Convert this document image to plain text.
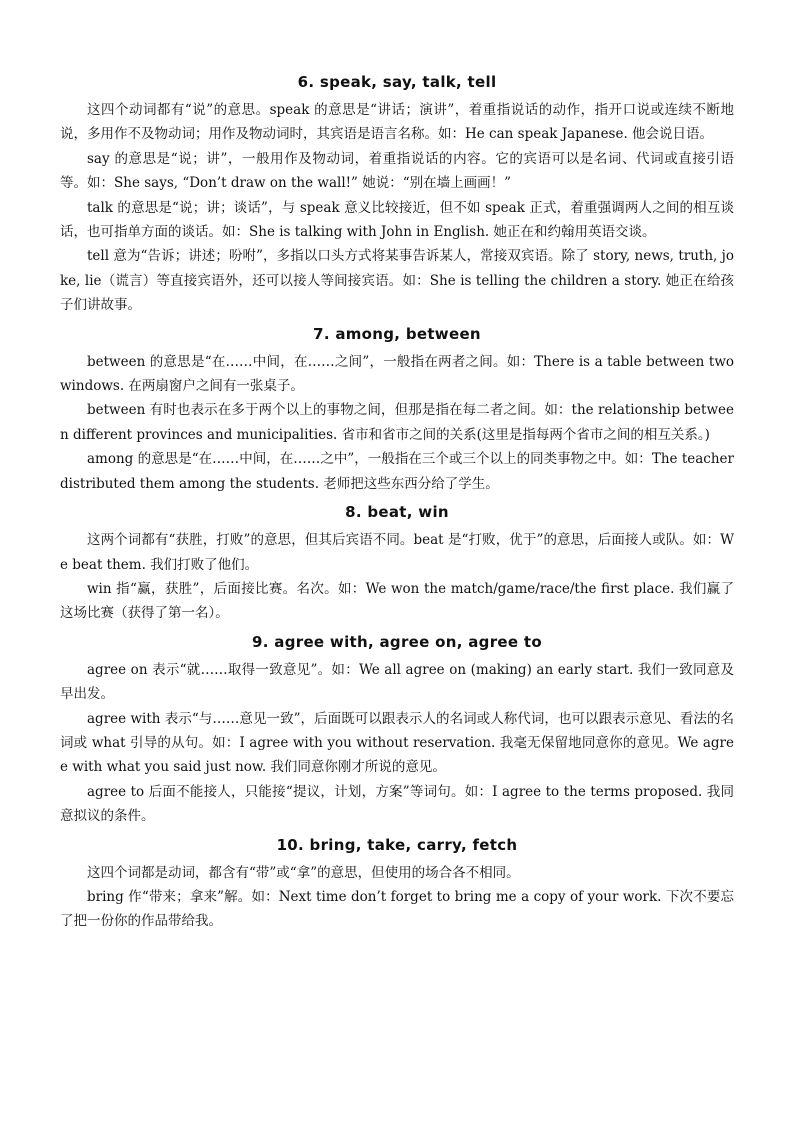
6. speak, say, talk, tell

这四个动词都有“说”的意思。speak 的意思是“讲话；演讲”，着重指说话的动作，指开口说或连续不断地说，多用作不及物动词；用作及物动词时，其宾语是语言名称。如：He can speak Japanese. 他会说日语。

say 的意思是“说；讲”，一般用作及物动词，着重指说话的内容。它的宾语可以是名词、代词或直接引语等。如：She says, “Don’t draw on the wall!” 她说：“别在墙上画画！”

talk 的意思是“说；讲；谈话”，与 speak 意义比较接近，但不如 speak 正式，着重强调两人之间的相互谈话，也可指单方面的谈话。如：She is talking with John in English. 她正在和约翰用英语交谈。

tell 意为“告诉；讲述；吩咐”，多指以口头方式将某事告诉某人，常接双宾语。除了 story, news, truth, joke, lie（谎言）等直接宾语外，还可以接人等间接宾语。如：She is telling the children a story. 她正在给孩子们讲故事。

7. among, between

between 的意思是“在……中间，在……之间”，一般指在两者之间。如：There is a table between two windows. 在两扇窗户之间有一张桌子。

between 有时也表示在多于两个以上的事物之间，但那是指在每二者之间。如：the relationship between different provinces and municipalities. 省市和省市之间的关系(这里是指每两个省市之间的相互关系。)

among 的意思是“在……中间，在……之中”，一般指在三个或三个以上的同类事物之中。如：The teacher distributed them among the students. 老师把这些东西分给了学生。

8. beat, win

这两个词都有“获胜，打败”的意思，但其后宾语不同。beat 是“打败，优于”的意思，后面接人或队。如：We beat them. 我们打败了他们。

win 指“赢，获胜”，后面接比赛。名次。如：We won the match/game/race/the first place. 我们赢了这场比赛（获得了第一名）。

9. agree with, agree on, agree to

agree on 表示“就……取得一致意见”。如：We all agree on (making) an early start. 我们一致同意及早出发。

agree with 表示“与……意见一致”，后面既可以跟表示人的名词或人称代词，也可以跟表示意见、看法的名词或 what 引导的从句。如：I agree with you without reservation. 我毫无保留地同意你的意见。We agree with what you said just now. 我们同意你刚才所说的意见。

agree to 后面不能接人，只能接“提议，计划，方案”等词句。如：I agree to the terms proposed. 我同意拟议的条件。

10. bring, take, carry, fetch

这四个词都是动词，都含有“带”或“拿”的意思，但使用的场合各不相同。

bring 作“带来；拿来”解。如：Next time don’t forget to bring me a copy of your work. 下次不要忘了把一份你的作品带给我。
